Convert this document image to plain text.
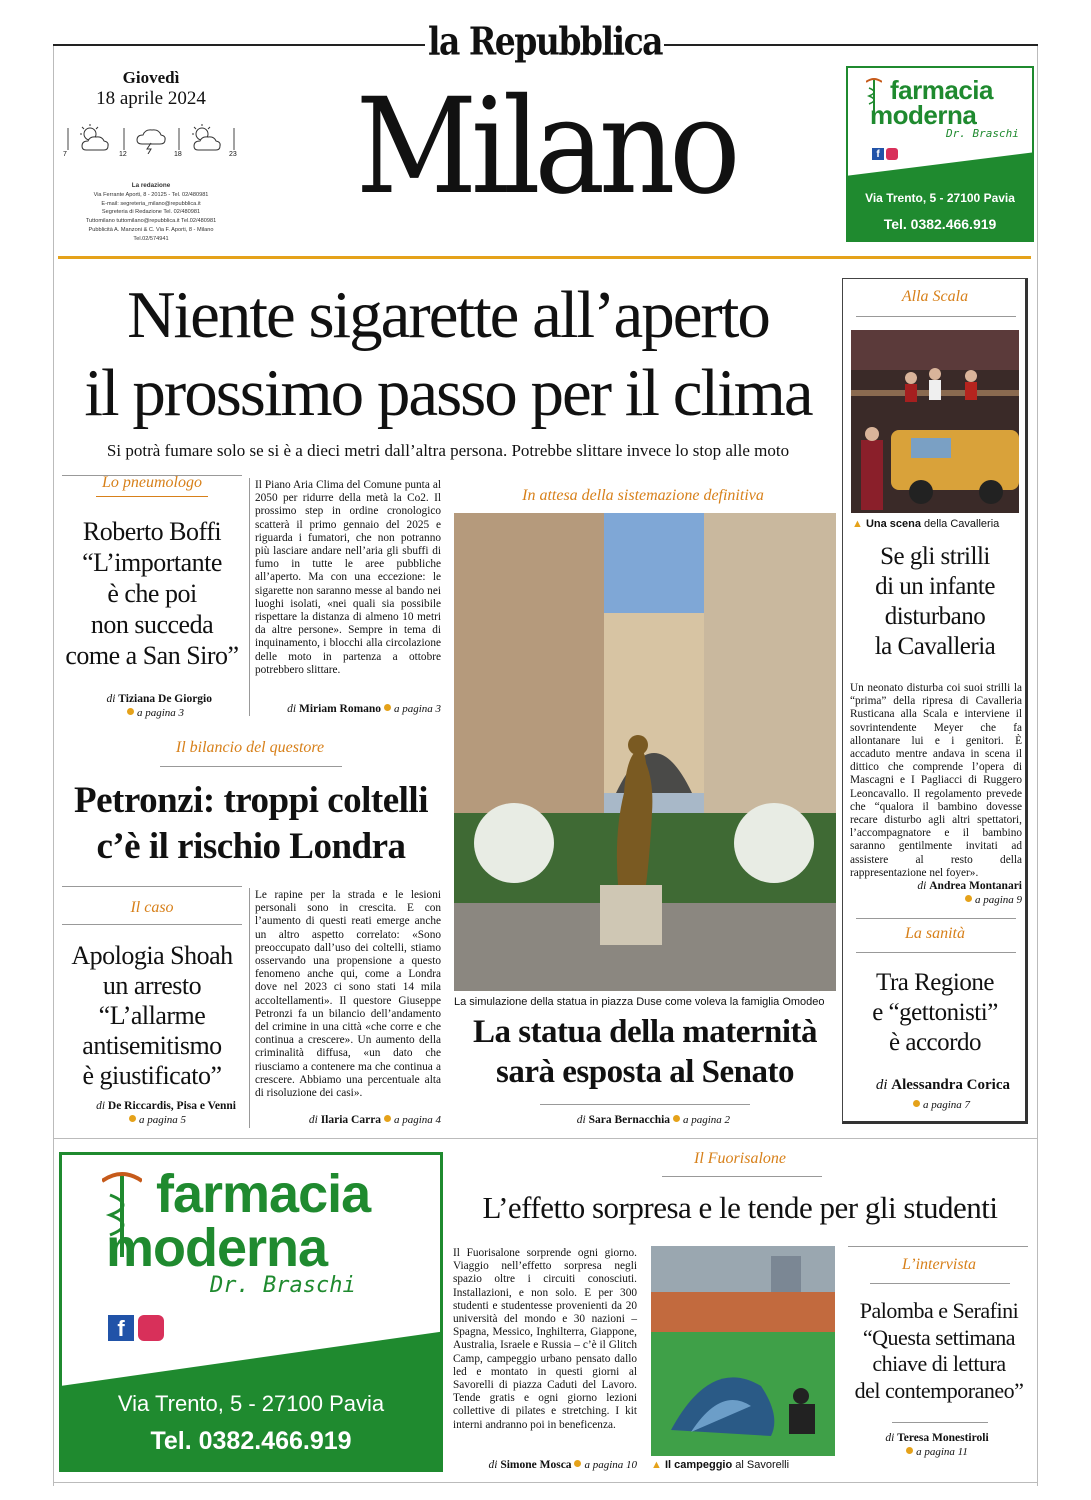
la Repubblica
Milano
Giovedì
18 aprile 2024
7	12	18	23
La redazione
Via Ferrante Aporti, 8 - 20125 - Tel. 02/480981
E-mail: segreteria_milano@repubblica.it
Segreteria di Redazione Tel. 02/480981
Tuttomilano tuttomilano@repubblica.it Tel.02/480981
Pubblicità A. Manzoni & C. Via F. Aporti, 8 - Milano
Tel.02/574941
farmacia
moderna
Dr. Braschi
f
Via Trento, 5 - 27100 Pavia
Tel. 0382.466.919
Niente sigarette all’aperto
il prossimo passo per il clima
Si potrà fumare solo se si è a dieci metri dall’altra persona. Potrebbe slittare invece lo stop alle moto
Lo pneumologo
Roberto Boffi
“L’importante
è che poi
non succeda
come a San Siro”
di Tiziana De Giorgio
a pagina 3
Il Piano Aria Clima del Comune punta al 2050 per ridurre della metà la Co2. Il prossimo step in ordine cronologico scatterà il primo gennaio del 2025 e riguarda i fumatori, che non potranno più lasciare andare nell’aria gli sbuffi di fumo in tutte le aree pubbliche all’aperto. Ma con una eccezione: le sigarette non saranno messe al bando nei luoghi isolati, «nei quali sia possibile rispettare la distanza di almeno 10 metri da altre persone». Sempre in tema di inquinamento, i blocchi alla circolazione delle moto in partenza a ottobre potrebbero slittare.
di Miriam Romano a pagina 3
Il bilancio del questore
Petronzi: troppi coltelli
c’è il rischio Londra
Il caso
Apologia Shoah
un arresto
“L’allarme
antisemitismo
è giustificato”
di De Riccardis, Pisa e Venni
a pagina 5
Le rapine per la strada e le lesioni personali sono in crescita. E con l’aumento di questi reati emerge anche un altro aspetto correlato: «Sono preoccupato dall’uso dei coltelli, stiamo osservando una propensione a questo fenomeno anche qui, come a Londra dove nel 2023 ci sono stati 14 mila accoltellamenti». Il questore Giuseppe Petronzi fa un bilancio dell’andamento del crimine in una città «che corre e che continua a crescere». Un aumento della criminalità diffusa, «un dato che riusciamo a contenere ma che continua a crescere. Abbiamo una percentuale alta di risoluzione dei casi».
di Ilaria Carra a pagina 4
In attesa della sistemazione definitiva
La simulazione della statua in piazza Duse come voleva la famiglia Omodeo
La statua della maternità
sarà esposta al Senato
di Sara Bernacchia a pagina 2
Alla Scala
▲ Una scena della Cavalleria
Se gli strilli
di un infante
disturbano
la Cavalleria
Un neonato disturba coi suoi strilli la “prima” della ripresa di Cavalleria Rusticana alla Scala e interviene il sovrintendente Meyer che fa allontanare lui e i genitori. È accaduto mentre andava in scena il dittico che comprende l’opera di Mascagni e I Pagliacci di Ruggero Leoncavallo. Il regolamento prevede che “qualora il bambino dovesse recare disturbo agli altri spettatori, l’accompagnatore e il bambino saranno gentilmente invitati ad assistere al resto della rappresentazione nel foyer».
di Andrea Montanari
a pagina 9
La sanità
Tra Regione
e “gettonisti”
è accordo
di Alessandra Corica
a pagina 7
farmacia
moderna
Dr. Braschi
f
Via Trento, 5 - 27100 Pavia
Tel. 0382.466.919
Il Fuorisalone
L’effetto sorpresa e le tende per gli studenti
Il Fuorisalone sorprende ogni giorno. Viaggio nell’effetto sorpresa negli spazio oltre i circuiti conosciuti. Installazioni, e non solo. E per 300 studenti e studentesse provenienti da 20 università del mondo e 30 nazioni – Spagna, Messico, Inghilterra, Giappone, Australia, Israele e Russia – c’è il Glitch Camp, campeggio urbano pensato dallo led e montato in questi giorni al Savorelli di piazza Caduti del Lavoro. Tende gratis e ogni giorno lezioni collettive di pilates e stretching. I kit interni andranno poi in beneficenza.
di Simone Mosca a pagina 10 ▲ Il campeggio al Savorelli
L’intervista
Palomba e Serafini
“Questa settimana
chiave di lettura
del contemporaneo”
di Teresa Monestiroli
a pagina 11
